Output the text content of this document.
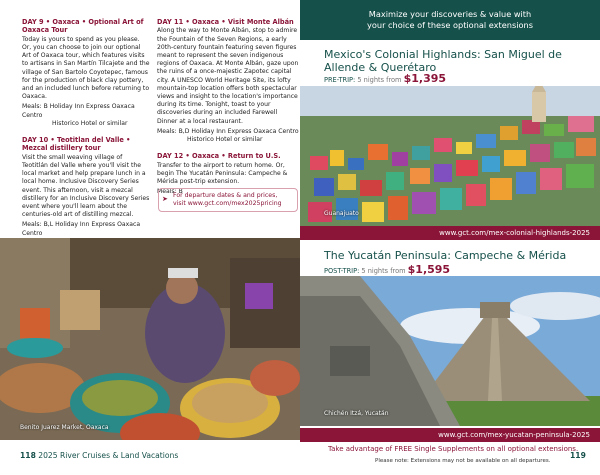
DAY 9 • Oaxaca • Optional Art of Oaxaca Tour

Today is yours to spend as you please. Or, you can choose to join our optional Art of Oaxaca tour, which features visits to artisans in San Martín Tilcajete and the village of San Bartolo Coyotepec, famous for the production of black clay pottery, and an included lunch before returning to Oaxaca.

Meals: B Holiday Inn Express Oaxaca Centro
Historico Hotel or similar

DAY 10 • Teotitlan del Valle • Mezcal distillery tour

Visit the small weaving village of Teotitlán del Valle where you'll visit the local market and help prepare lunch in a local home. Inclusive Discovery Series event. This afternoon, visit a mezcal distillery for an Inclusive Discovery Series event where you'll learn about the centuries-old art of distilling mezcal.

Meals: B,L Holiday Inn Express Oaxaca Centro

DAY 11 • Oaxaca • Visit Monte Albán

Along the way to Monte Albán, stop to admire the Fountain of the Seven Regions, a early 20th-century fountain featuring seven figures meant to represent the seven indigenous regions of Oaxaca. At Monte Albán, gaze upon the ruins of a once-majestic Zapotec capital city. A UNESCO World Heritage Site, its lofty mountain-top location offers both spectacular views and insight to the location's importance during its time. Tonight, toast to your discoveries during an included Farewell Dinner at a local restaurant.

Meals: B,D Holiday Inn Express Oaxaca Centro
Historico Hotel or similar

DAY 12 • Oaxaca • Return to U.S.

Transfer to the airport to return home. Or, begin The Yucatán Peninsula: Campeche & Mérida post-trip extension.

Meals: B

➤ For departure dates & and prices,
visit www.gct.com/mex2025pricing
Benito Juarez Market, Oaxaca
Maximize your discoveries & value with
your choice of these optional extensions
Mexico's Colonial Highlands: San Miguel de Allende & Querétaro
PRE-TRIP: 5 nights from $1,395
Guanajuato
www.gct.com/mex-colonial-highlands-2025
The Yucatán Peninsula: Campeche & Mérida
POST-TRIP: 5 nights from $1,595
Chichén Itzá, Yucatán
www.gct.com/mex-yucatan-peninsula-2025
118 2025 River Cruises & Land Vacations
Take advantage of FREE Single Supplements on all optional extensions.
Please note: Extensions may not be available on all departures.
119
